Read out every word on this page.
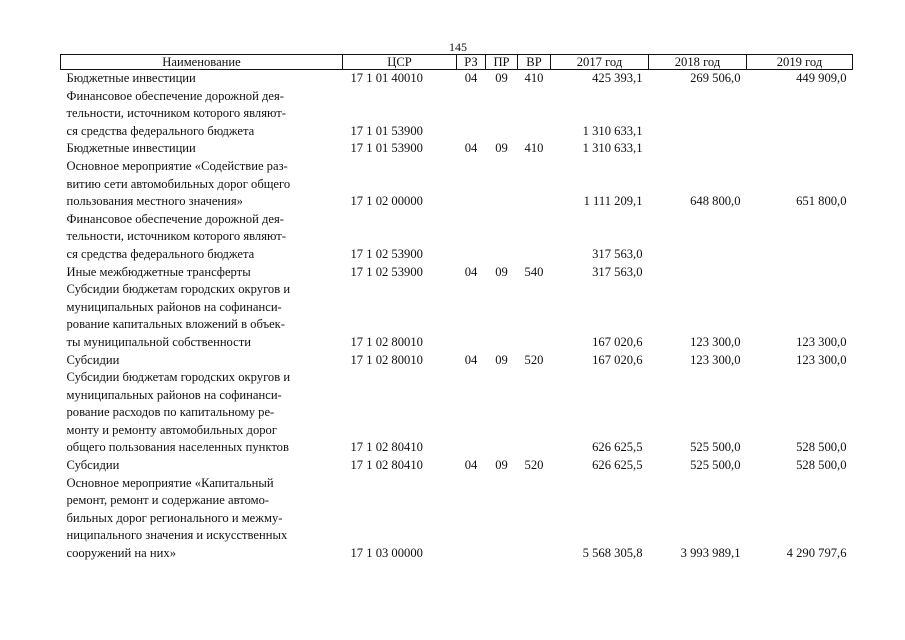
145
Наименование	ЦСР	РЗ	ПР	ВР	2017 год	2018 год	2019 год

Бюджетные инвестиции	17 1 01 40010	04	09	410	425 393,1	269 506,0	449 909,0

Финансовое обеспечение дорожной дея-
тельности, источником которого являют-
ся средства федерального бюджета	17 1 01 53900				1 310 633,1		

Бюджетные инвестиции	17 1 01 53900	04	09	410	1 310 633,1		

Основное мероприятие «Содействие раз-
витию сети автомобильных дорог общего
пользования местного значения»	17 1 02 00000				1 111 209,1	648 800,0	651 800,0

Финансовое обеспечение дорожной дея-
тельности, источником которого являют-
ся средства федерального бюджета	17 1 02 53900				317 563,0		

Иные межбюджетные трансферты	17 1 02 53900	04	09	540	317 563,0		

Субсидии бюджетам городских округов и
муниципальных районов на софинанси-
рование капитальных вложений в объек-
ты муниципальной собственности	17 1 02 80010				167 020,6	123 300,0	123 300,0

Субсидии	17 1 02 80010	04	09	520	167 020,6	123 300,0	123 300,0

Субсидии бюджетам городских округов и
муниципальных районов на софинанси-
рование расходов по капитальному ре-
монту и ремонту автомобильных дорог
общего пользования населенных пунктов	17 1 02 80410				626 625,5	525 500,0	528 500,0

Субсидии	17 1 02 80410	04	09	520	626 625,5	525 500,0	528 500,0

Основное мероприятие «Капитальный
ремонт, ремонт и содержание автомо-
бильных дорог регионального и межму-
ниципального значения и искусственных
сооружений на них»	17 1 03 00000				5 568 305,8	3 993 989,1	4 290 797,6
